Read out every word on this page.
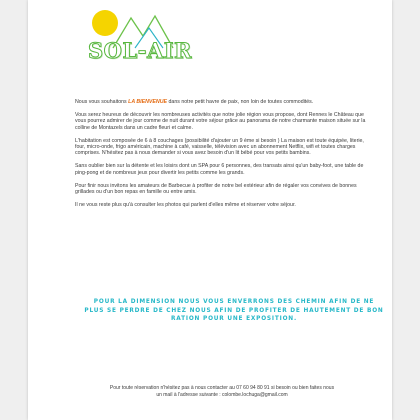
SOL-AIR

Nous vous souhaitons LA BIENVENUE dans notre petit havre de paix, non loin de toutes commodités.

Vous serez heureux de découvrir les nombreuses activités que notre jolie région vous propose, dont Rennes le Château que vous pourrez admirer de jour comme de nuit durant votre séjour grâce au panorama de notre charmante maison située sur la colline de Montazels dans un cadre fleuri et calme.

L'habitation est composée de 6 à 8 couchages (possibilité d'ajouter un 9 ème si besoin ) La maison est toute équipée, literie, four, micro-onde, frigo américain, machine à café, vaisselle, télévision avec un abonnement Netflix, wifi et toutes charges comprises. N'hésitez pas à nous demander si vous avez besoin d'un lit bébé pour vos petits bambins.

Sans oublier bien sur la détente et les loisirs dont un SPA pour 6 personnes, des transats ainsi qu'un baby-foot, une table de ping-pong et de nombreux jeux pour divertir les petits comme les grands.

Pour finir nous invitons les amateurs de Barbecue à profiter de notre bel extérieur afin de régaler vos convives de bonnes grillades ou d'un bon repas en famille ou entre amis.

Il ne vous reste plus qu'à consulter les photos qui parlent d'elles même et réserver votre séjour.

POUR LA DIMENSION NOUS VOUS ENVERRONS DES CHEMIN AFIN DE NE PLUS SE PERDRE DE CHEZ NOUS AFIN DE PROFITER DE HAUTEMENT DE BON RATION POUR UNE EXPOSITION.
Pour toute réservation n'hésitez pas à nous contacter au 07 60 94 80 91 si besoin ou bien faites nous
un mail à l'adresse suivante : colombe.lochuga@gmail.com
